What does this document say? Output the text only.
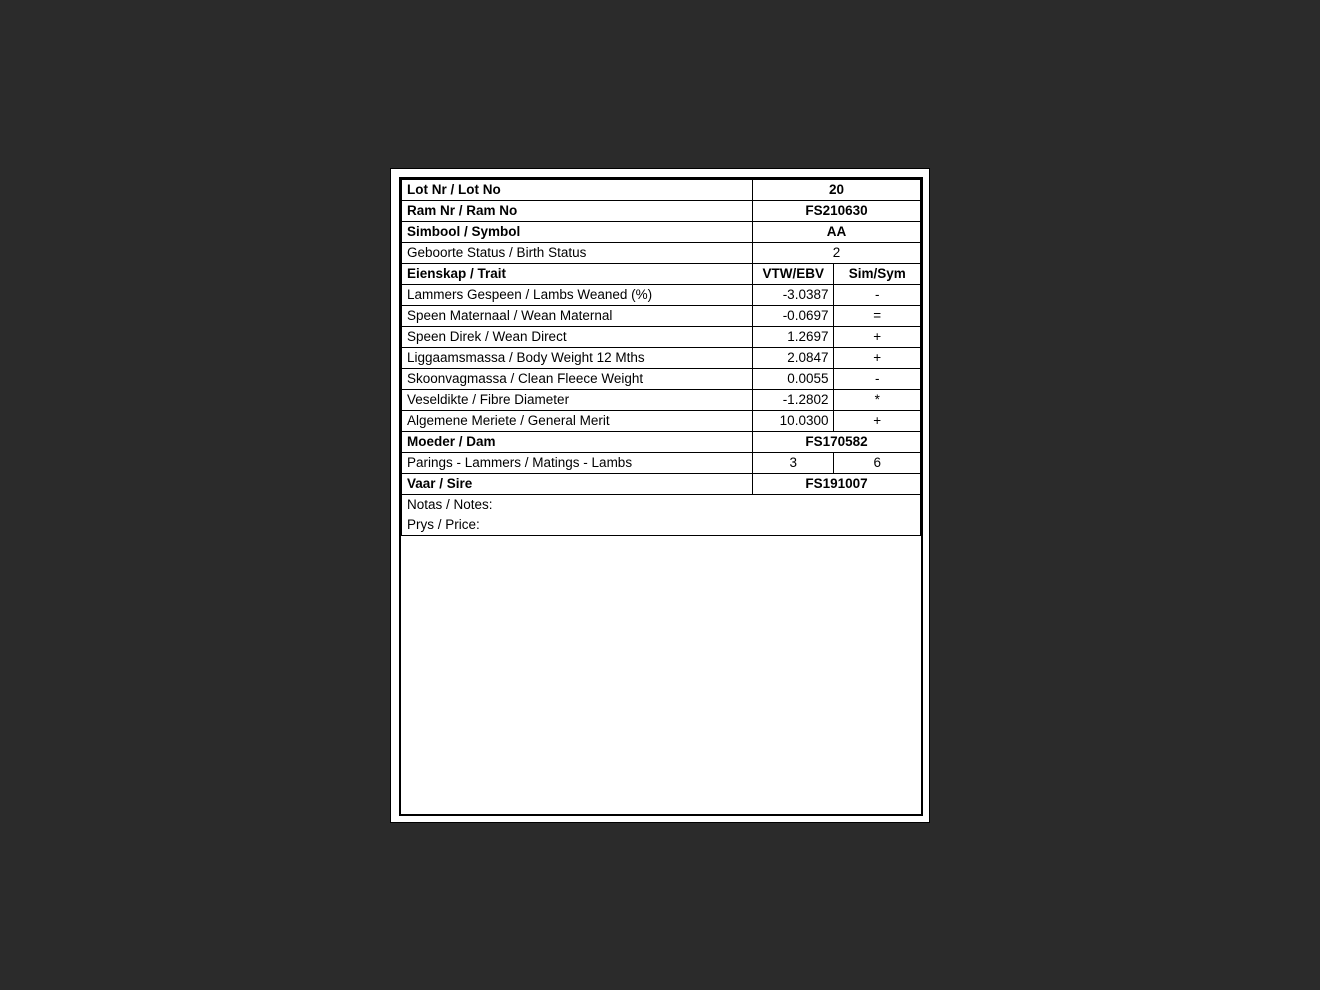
Lot Nr / Lot No	20	
Ram Nr / Ram No	FS210630	
Simbool / Symbol	AA	
Geboorte Status / Birth Status	2	
Eienskap / Trait	VTW/EBV	Sim/Sym
Lammers Gespeen / Lambs Weaned (%)	-3.0387	-
Speen Maternaal / Wean Maternal	-0.0697	=
Speen Direk / Wean Direct	1.2697	+
Liggaamsmassa / Body Weight 12 Mths	2.0847	+
Skoonvagmassa / Clean Fleece Weight	0.0055	-
Veseldikte / Fibre Diameter	-1.2802	*
Algemene Meriete / General Merit	10.0300	+
Moeder / Dam	FS170582	
Parings - Lammers / Matings - Lambs	3	6
Vaar / Sire	FS191007	
Notas / Notes:		
Prys / Price:		
